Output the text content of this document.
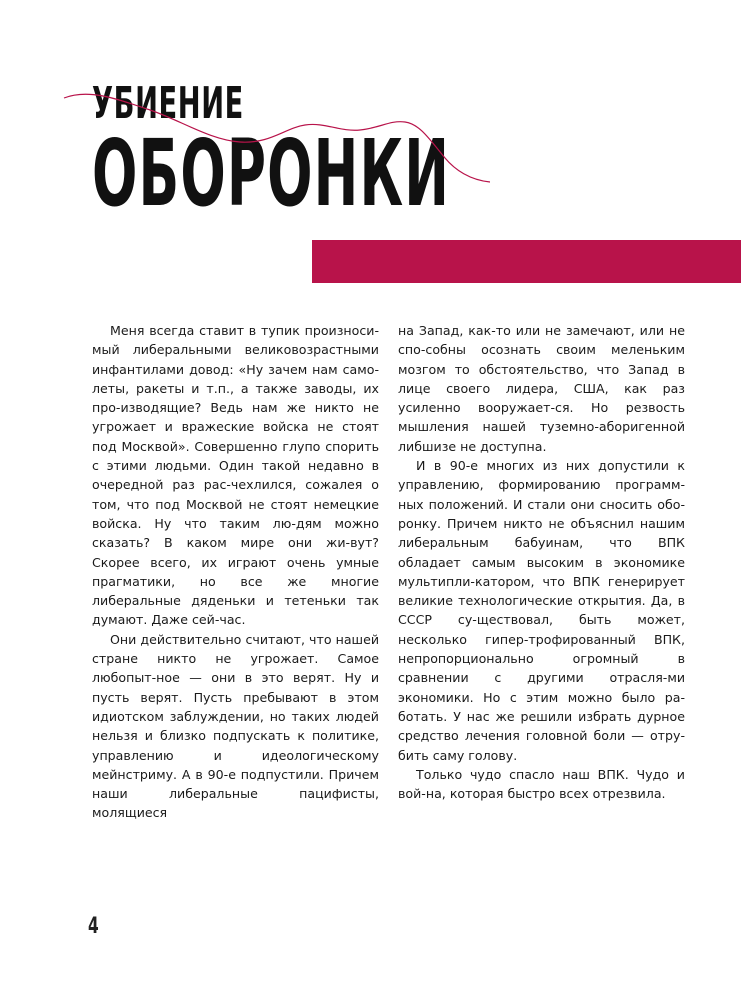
УБИЕНИЕ
ОБОРОНКИ

Меня всегда ставит в тупик произноси-мый либеральными великовозрастными инфантилами довод: «Ну зачем нам само-леты, ракеты и т.п., а также заводы, их про-изводящие? Ведь нам же никто не угрожает и вражеские войска не стоят под Москвой». Совершенно глупо спорить с этими людьми. Один такой недавно в очередной раз рас-чехлился, сожалея о том, что под Москвой не стоят немецкие войска. Ну что таким лю-дям можно сказать? В каком мире они жи-вут? Скорее всего, их играют очень умные прагматики, но все же многие либеральные дяденьки и тетеньки так думают. Даже сей-час.

Они действительно считают, что нашей стране никто не угрожает. Самое любопыт-ное — они в это верят. Ну и пусть верят. Пусть пребывают в этом идиотском заблуждении, но таких людей нельзя и близко подпускать к политике, управлению и идеологическому мейнстриму. А в 90-е подпустили. Причем наши либеральные пацифисты, молящиеся

на Запад, как-то или не замечают, или не спо-собны осознать своим меленьким мозгом то обстоятельство, что Запад в лице своего лидера, США, как раз усиленно вооружает-ся. Но резвость мышления нашей туземно-аборигенной либшизе не доступна.

И в 90-е многих из них допустили к управлению, формированию программ-ных положений. И стали они сносить обо-ронку. Причем никто не объяснил нашим либеральным бабуинам, что ВПК обладает самым высоким в экономике мультипли-катором, что ВПК генерирует великие технологические открытия. Да, в СССР су-ществовал, быть может, несколько гипер-трофированный ВПК, непропорционально огромный в сравнении с другими отрасля-ми экономики. Но с этим можно было ра-ботать. У нас же решили избрать дурное средство лечения головной боли — отру-бить саму голову.

Только чудо спасло наш ВПК. Чудо и вой-на, которая быстро всех отрезвила.

4
